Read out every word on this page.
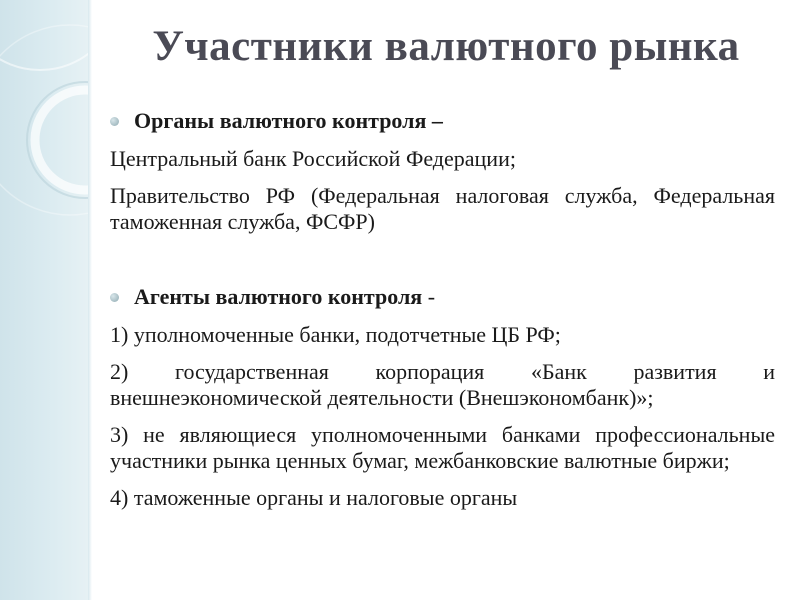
Участники валютного рынка
Органы валютного контроля –

Центральный банк Российской Федерации;

Правительство РФ (Федеральная налоговая служба, Федеральная таможенная служба, ФСФР)

Агенты валютного контроля -

1) уполномоченные банки, подотчетные ЦБ РФ;

2) государственная корпорация «Банк развития и внешнеэкономической деятельности (Внешэкономбанк)»;

3) не являющиеся уполномоченными банками профессиональные участники рынка ценных бумаг, межбанковские валютные биржи;

4) таможенные органы и налоговые органы
